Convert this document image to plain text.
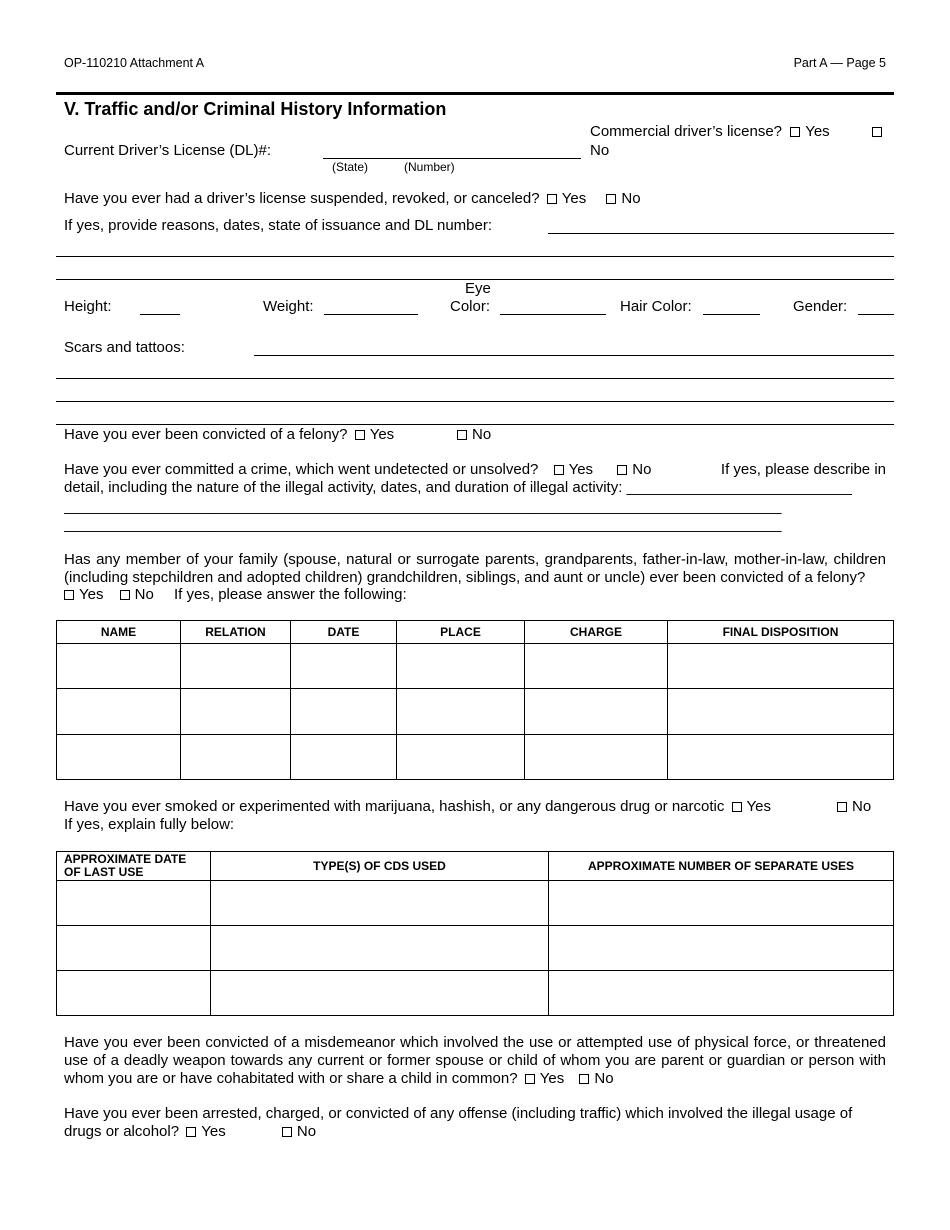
OP-110210 Attachment A	Part A — Page 5
V. Traffic and/or Criminal History Information
Commercial driver’s license? Yes
No
Current Driver’s License (DL)#:
(State)	(Number)
Have you ever had a driver’s license suspended, revoked, or canceled? Yes No
If yes, provide reasons, dates, state of issuance and DL number:
Height:	Weight:
Eye
Color:	Hair Color:	Gender:
Scars and tattoos:
Have you ever been convicted of a felony? Yes	No
Have you ever committed a crime, which went undetected or unsolved? Yes	No	If yes, please describe in
detail, including the nature of the illegal activity, dates, and duration of illegal activity: ___________________________
______________________________________________________________________________________
______________________________________________________________________________________
Has any member of your family (spouse, natural or surrogate parents, grandparents, father-in-law, mother-in-law, children (including stepchildren and adopted children) grandchildren, siblings, and aunt or uncle) ever been convicted of a felony?
Yes No If yes, please answer the following:
NAME	RELATION	DATE	PLACE	CHARGE	FINAL DISPOSITION

Have you ever smoked or experimented with marijuana, hashish, or any dangerous drug or narcotic Yes	No
If yes, explain fully below:
APPROXIMATE DATE
OF LAST USE	TYPE(S) OF CDS USED	APPROXIMATE NUMBER OF SEPARATE USES

Have you ever been convicted of a misdemeanor which involved the use or attempted use of physical force, or threatened use of a deadly weapon towards any current or former spouse or child of whom you are parent or guardian or person with whom you are or have cohabitated with or share a child in common? Yes No
Have you ever been arrested, charged, or convicted of any offense (including traffic) which involved the illegal usage of drugs or alcohol? Yes	No
